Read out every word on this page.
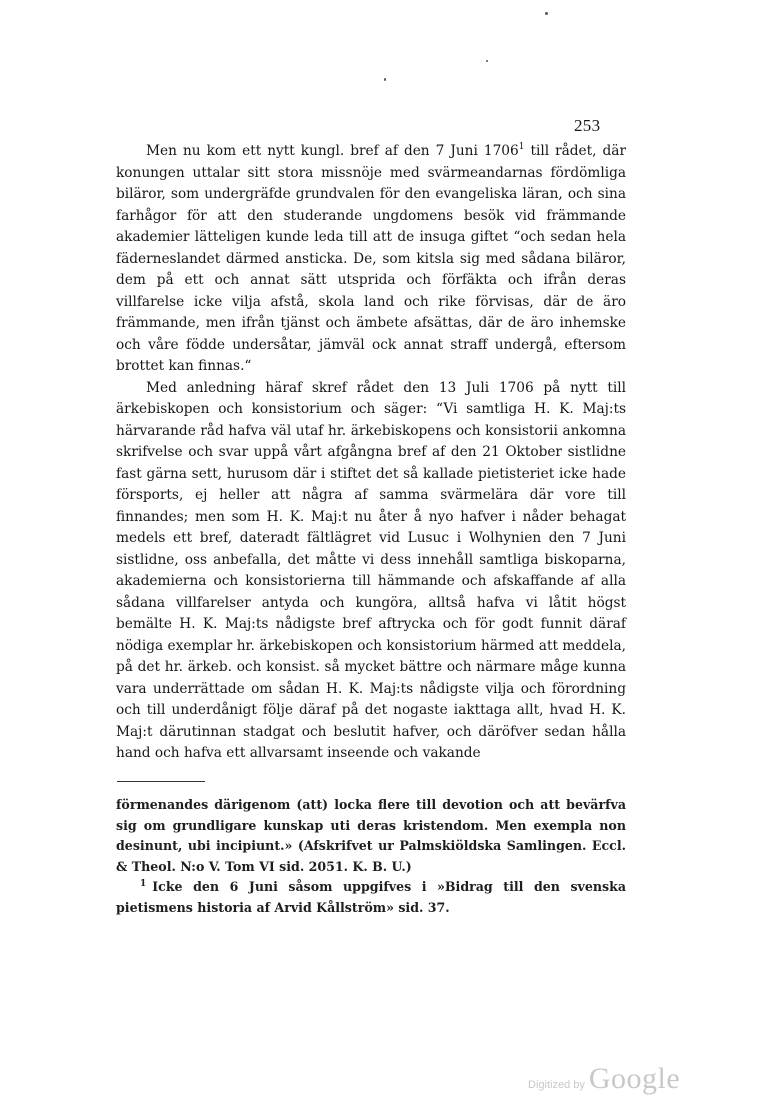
253

Men nu kom ett nytt kungl. bref af den 7 Juni 1706$^1$ till rådet, där konungen uttalar sitt stora missnöje med svärmeandarnas fördömliga biläror, som undergräfde grundvalen för den evangeliska läran, och sina farhågor för att den studerande ungdomens besök vid främmande akademier lätteligen kunde leda till att de insuga giftet “och sedan hela fäderneslandet därmed ansticka. De, som kitsla sig med sådana biläror, dem på ett och annat sätt utsprida och förfäkta och ifrån deras villfarelse icke vilja afstå, skola land och rike förvisas, där de äro främmande, men ifrån tjänst och ämbete afsättas, där de äro inhemske och våre födde undersåtar, jämväl ock annat straff undergå, eftersom brottet kan finnas.“

Med anledning häraf skref rådet den 13 Juli 1706 på nytt till ärkebiskopen och konsistorium och säger: “Vi samtliga H. K. Maj:ts härvarande råd hafva väl utaf hr. ärkebiskopens och konsistorii ankomna skrifvelse och svar uppå vårt afgångna bref af den 21 Oktober sistlidne fast gärna sett, hurusom där i stiftet det så kallade pietisteriet icke hade försports, ej heller att några af samma svärmelära där vore till finnandes; men som H. K. Maj:t nu åter å nyo hafver i nåder behagat medels ett bref, dateradt fältlägret vid Lusuc i Wolhynien den 7 Juni sistlidne, oss anbefalla, det måtte vi dess innehåll samtliga biskoparna, akademierna och konsistorierna till hämmande och afskaffande af alla sådana villfarelser antyda och kungöra, alltså hafva vi låtit högst bemälte H. K. Maj:ts nådigste bref aftrycka och för godt funnit däraf nödiga exemplar hr. ärkebiskopen och konsistorium härmed att meddela, på det hr. ärkeb. och konsist. så mycket bättre och närmare måge kunna vara underrättade om sådan H. K. Maj:ts nådigste vilja och förordning och till underdånigt följe däraf på det nogaste iakttaga allt, hvad H. K. Maj:t därutinnan stadgat och beslutit hafver, och däröfver sedan hålla hand och hafva ett allvarsamt inseende och vakande

förmenandes därigenom (att) locka flere till devotion och att bevärfva sig om grundligare kunskap uti deras kristendom. Men exempla non desinunt, ubi incipiunt.» (Afskrifvet ur Palmskiöldska Samlingen. Eccl. & Theol. N:o V. Tom VI sid. 2051. K. B. U.)

$^1$ Icke den 6 Juni såsom uppgifves i »Bidrag till den svenska pietismens historia af Arvid Kållström» sid. 37.

Digitized by Google
